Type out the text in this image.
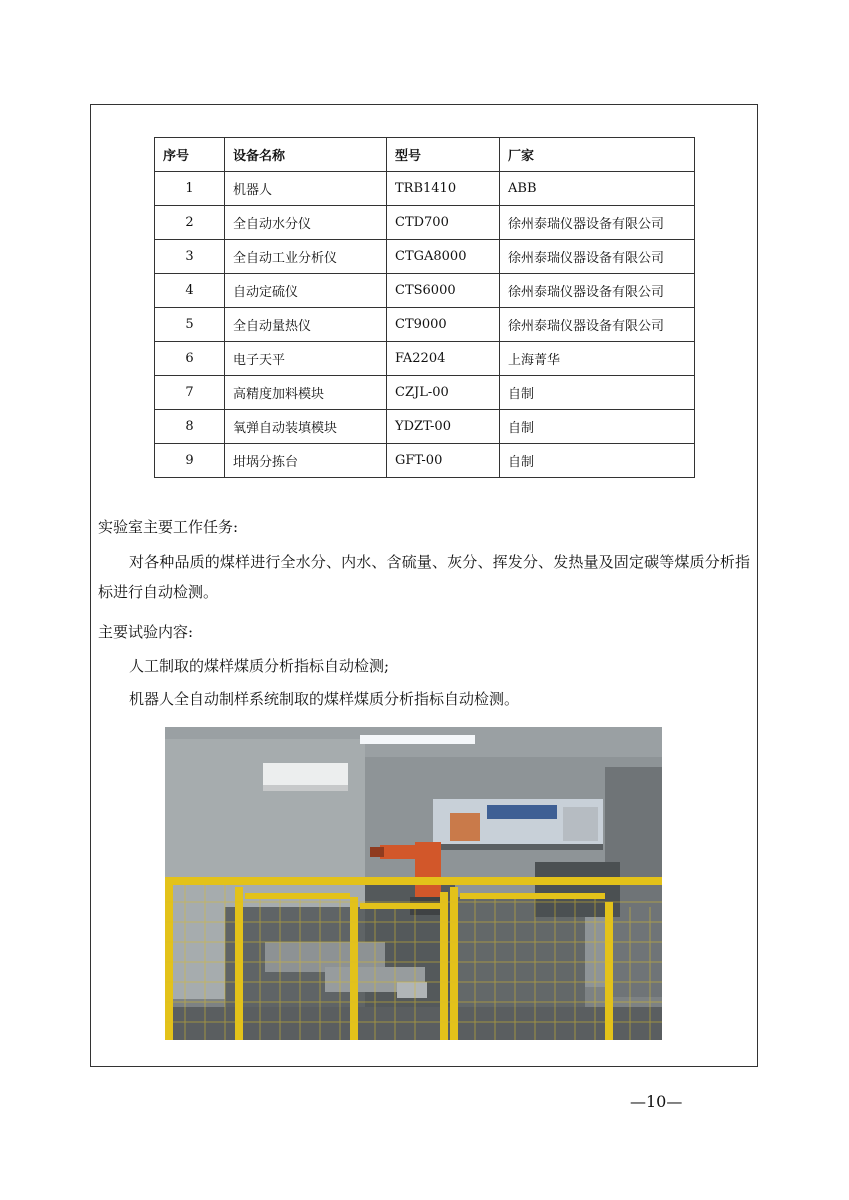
序号	设备名称	型号	厂家
1	机器人	TRB1410	ABB
2	全自动水分仪	CTD700	徐州泰瑞仪器设备有限公司
3	全自动工业分析仪	CTGA8000	徐州泰瑞仪器设备有限公司
4	自动定硫仪	CTS6000	徐州泰瑞仪器设备有限公司
5	全自动量热仪	CT9000	徐州泰瑞仪器设备有限公司
6	电子天平	FA2204	上海菁华
7	高精度加料模块	CZJL-00	自制
8	氧弹自动装填模块	YDZT-00	自制
9	坩埚分拣台	GFT-00	自制

实验室主要工作任务:

对各种品质的煤样进行全水分、内水、含硫量、灰分、挥发分、发热量及固定碳等煤质分析指标进行自动检测。

主要试验内容:

人工制取的煤样煤质分析指标自动检测;

机器人全自动制样系统制取的煤样煤质分析指标自动检测。

—10—
